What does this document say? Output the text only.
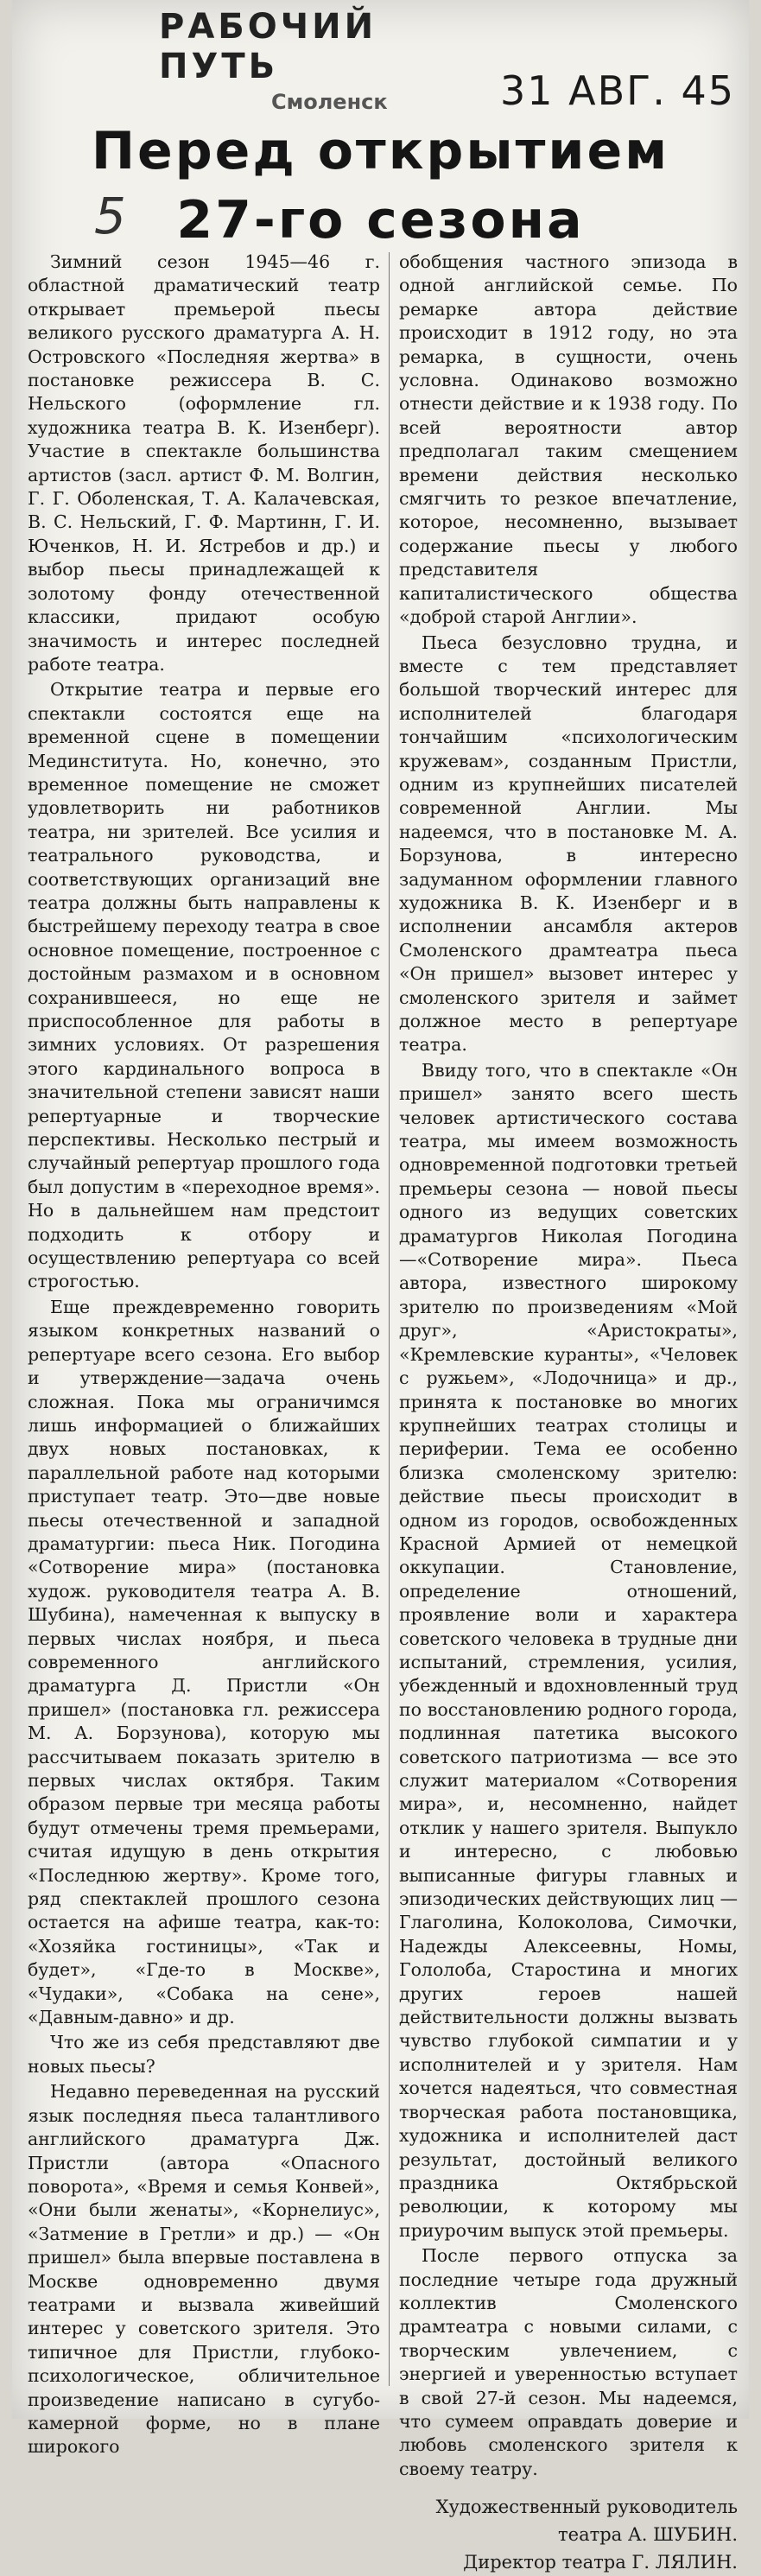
РАБОЧИЙ ПУТЬ
Смоленск	31 АВГ. 45
Перед открытием
27-го сезона
5

Зимний сезон 1945—46 г. областной драматический театр открывает премьерой пьесы великого русского драматурга А. Н. Островского «Последняя жертва» в постановке режиссера В. С. Нельского (оформление гл. художника театра В. К. Изенберг). Участие в спектакле большинства артистов (засл. артист Ф. М. Волгин, Г. Г. Оболенская, Т. А. Калачевская, В. С. Нельский, Г. Ф. Мартинн, Г. И. Юченков, Н. И. Ястребов и др.) и выбор пьесы принадлежащей к золотому фонду отечественной классики, придают особую значимость и интерес последней работе театра.

Открытие театра и первые его спектакли состоятся еще на временной сцене в помещении Мединститута. Но, конечно, это временное помещение не сможет удовлетворить ни работников театра, ни зрителей. Все усилия и театрального руководства, и соответствующих организаций вне театра должны быть направлены к быстрейшему переходу театра в свое основное помещение, построенное с достойным размахом и в основном сохранившееся, но еще не приспособленное для работы в зимних условиях. От разрешения этого кардинального вопроса в значительной степени зависят наши репертуарные и творческие перспективы. Несколько пестрый и случайный репертуар прошлого года был допустим в «переходное время». Но в дальнейшем нам предстоит подходить к отбору и осуществлению репертуара со всей строгостью.

Еще преждевременно говорить языком конкретных названий о репертуаре всего сезона. Его выбор и утверждение—задача очень сложная. Пока мы ограничимся лишь информацией о ближайших двух новых постановках, к параллельной работе над которыми приступает театр. Это—две новые пьесы отечественной и западной драматургии: пьеса Ник. Погодина «Сотворение мира» (постановка худож. руководителя театра А. В. Шубина), намеченная к выпуску в первых числах ноября, и пьеса современного английского драматурга Д. Пристли «Он пришел» (постановка гл. режиссера М. А. Борзунова), которую мы рассчитываем показать зрителю в первых числах октября. Таким образом первые три месяца работы будут отмечены тремя премьерами, считая идущую в день открытия «Последнюю жертву». Кроме того, ряд спектаклей прошлого сезона остается на афише театра, как-то: «Хозяйка гостиницы», «Так и будет», «Где-то в Москве», «Чудаки», «Собака на сене», «Давным-давно» и др.

Что же из себя представляют две новых пьесы?

Недавно переведенная на русский язык последняя пьеса талантливого английского драматурга Дж. Пристли (автора «Опасного поворота», «Время и семья Конвей», «Они были женаты», «Корнелиус», «Затмение в Гретли» и др.) — «Он пришел» была впервые поставлена в Москве одновременно двумя театрами и вызвала живейший интерес у советского зрителя. Это типичное для Пристли, глубоко-психологическое, обличительное произведение написано в сугубо-камерной форме, но в плане широкого

обобщения частного эпизода в одной английской семье. По ремарке автора действие происходит в 1912 году, но эта ремарка, в сущности, очень условна. Одинаково возможно отнести действие и к 1938 году. По всей вероятности автор предполагал таким смещением времени действия несколько смягчить то резкое впечатление, которое, несомненно, вызывает содержание пьесы у любого представителя капиталистического общества «доброй старой Англии».

Пьеса безусловно трудна, и вместе с тем представляет большой творческий интерес для исполнителей благодаря тончайшим «психологическим кружевам», созданным Пристли, одним из крупнейших писателей современной Англии. Мы надеемся, что в постановке М. А. Борзунова, в интересно задуманном оформлении главного художника В. К. Изенберг и в исполнении ансамбля актеров Смоленского драмтеатра пьеса «Он пришел» вызовет интерес у смоленского зрителя и займет должное место в репертуаре театра.

Ввиду того, что в спектакле «Он пришел» занято всего шесть человек артистического состава театра, мы имеем возможность одновременной подготовки третьей премьеры сезона — новой пьесы одного из ведущих советских драматургов Николая Погодина—«Сотворение мира». Пьеса автора, известного широкому зрителю по произведениям «Мой друг», «Аристократы», «Кремлевские куранты», «Человек с ружьем», «Лодочница» и др., принята к постановке во многих крупнейших театрах столицы и периферии. Тема ее особенно близка смоленскому зрителю: действие пьесы происходит в одном из городов, освобожденных Красной Армией от немецкой оккупации. Становление, определение отношений, проявление воли и характера советского человека в трудные дни испытаний, стремления, усилия, убежденный и вдохновленный труд по восстановлению родного города, подлинная патетика высокого советского патриотизма — все это служит материалом «Сотворения мира», и, несомненно, найдет отклик у нашего зрителя. Выпукло и интересно, с любовью выписанные фигуры главных и эпизодических действующих лиц — Глаголина, Колоколова, Симочки, Надежды Алексеевны, Номы, Гололоба, Старостина и многих других героев нашей действительности должны вызвать чувство глубокой симпатии и у исполнителей и у зрителя. Нам хочется надеяться, что совместная творческая работа постановщика, художника и исполнителей даст результат, достойный великого праздника Октябрьской революции, к которому мы приурочим выпуск этой премьеры.

После первого отпуска за последние четыре года дружный коллектив Смоленского драмтеатра с новыми силами, с творческим увлечением, с энергией и уверенностью вступает в свой 27-й сезон. Мы надеемся, что сумеем оправдать доверие и любовь смоленского зрителя к своему театру.

Художественный руководитель театра А. ШУБИН.
Директор театра Г. ЛЯЛИН.
